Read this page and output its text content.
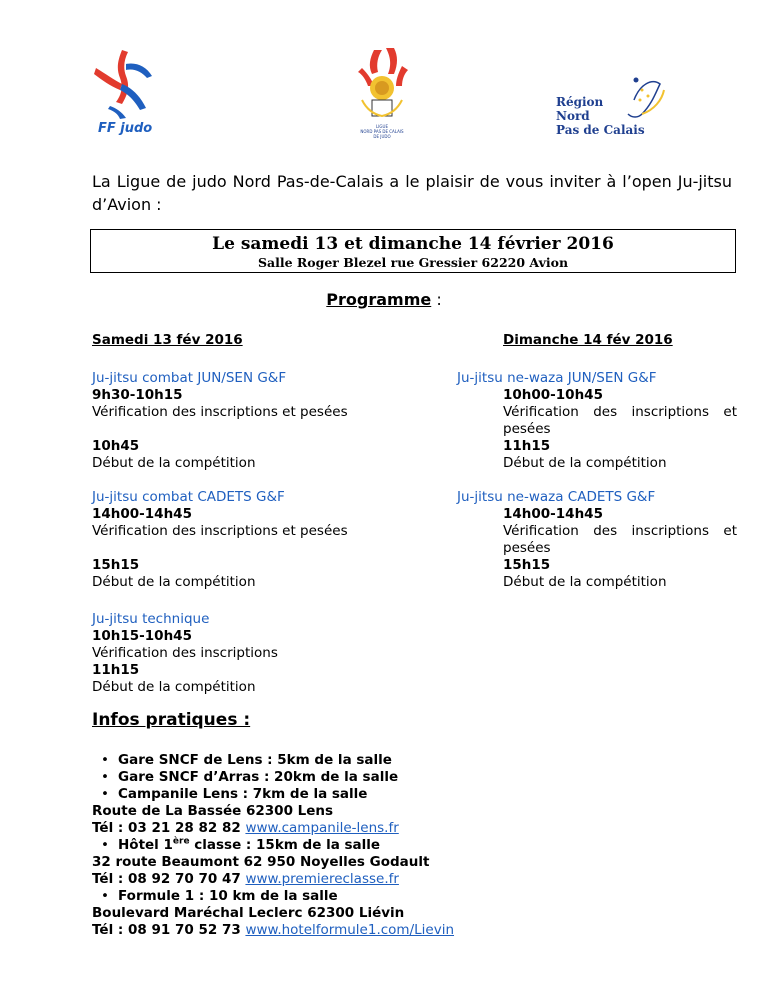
FF judo	LIGUE
NORD PAS DE CALAIS
DE JUDO
Région
Nord
Pas de Calais
La Ligue de judo Nord Pas-de-Calais a le plaisir de vous inviter à l’open Ju-jitsu d’Avion :
Le samedi 13 et dimanche 14 février 2016
Salle Roger Blezel rue Gressier 62220 Avion
Programme :
Samedi 13 fév 2016	Dimanche 14 fév 2016
Ju-jitsu combat JUN/SEN G&F
9h30-10h15
Vérification des inscriptions et pesées
10h45
Début de la compétition
Ju-jitsu combat CADETS G&F
14h00-14h45
Vérification des inscriptions et pesées
15h15
Début de la compétition
Ju-jitsu technique
10h15-10h45
Vérification des inscriptions
11h15
Début de la compétition
Ju-jitsu ne-waza JUN/SEN G&F
10h00-10h45
Vérification des inscriptions et pesées
11h15
Début de la compétition
Ju-jitsu ne-waza CADETS G&F
14h00-14h45
Vérification des inscriptions et pesées
15h15
Début de la compétition
Infos pratiques :
• Gare SNCF de Lens : 5km de la salle
• Gare SNCF d’Arras : 20km de la salle
• Campanile Lens : 7km de la salle
Route de La Bassée 62300 Lens
Tél : 03 21 28 82 82 www.campanile-lens.fr
• Hôtel 1ère classe : 15km de la salle
32 route Beaumont 62 950 Noyelles Godault
Tél : 08 92 70 70 47 www.premiereclasse.fr
• Formule 1 : 10 km de la salle
Boulevard Maréchal Leclerc 62300 Liévin
Tél : 08 91 70 52 73 www.hotelformule1.com/Lievin
